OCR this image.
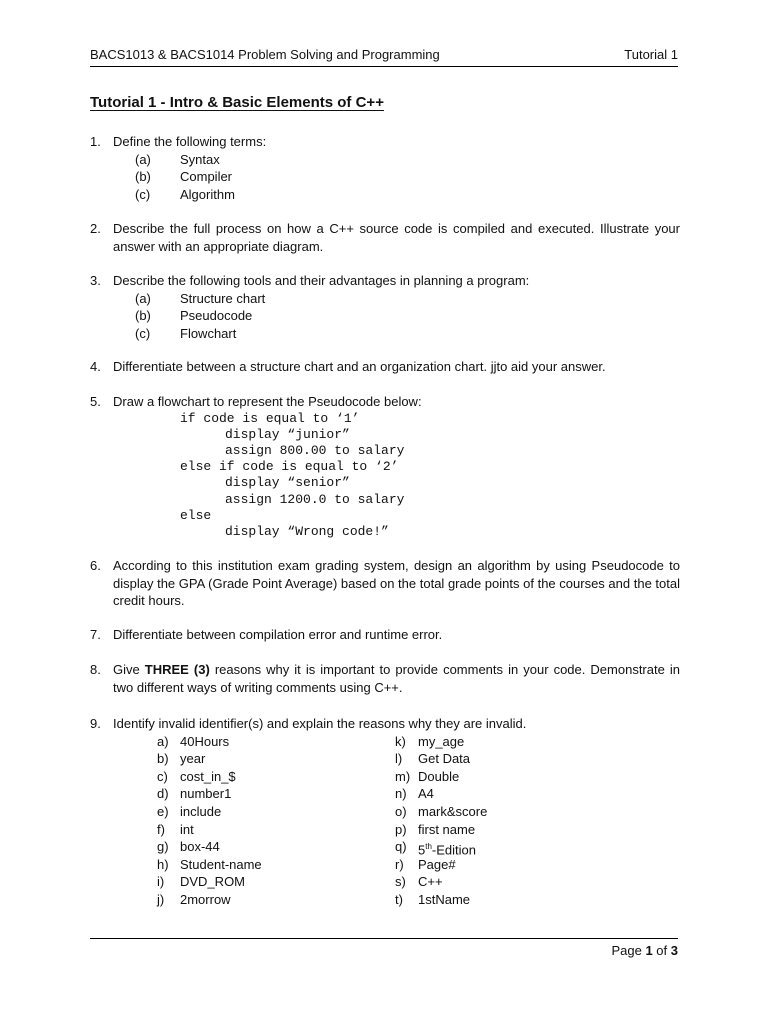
BACS1013 & BACS1014 Problem Solving and Programming	Tutorial 1
Tutorial 1 - Intro & Basic Elements of C++
1. Define the following terms:
(a) Syntax
(b) Compiler
(c) Algorithm
2. Describe the full process on how a C++ source code is compiled and executed. Illustrate your answer with an appropriate diagram.
3. Describe the following tools and their advantages in planning a program:
(a) Structure chart
(b) Pseudocode
(c) Flowchart
4. Differentiate between a structure chart and an organization chart. jjto aid your answer.
5. Draw a flowchart to represent the Pseudocode below:
if code is equal to ‘1’
display “junior”
assign 800.00 to salary
else if code is equal to ‘2’
display “senior”
assign 1200.0 to salary
else
display “Wrong code!”
6. According to this institution exam grading system, design an algorithm by using Pseudocode to display the GPA (Grade Point Average) based on the total grade points of the courses and the total credit hours.
7. Differentiate between compilation error and runtime error.
8. Give THREE (3) reasons why it is important to provide comments in your code. Demonstrate in two different ways of writing comments using C++.
9. Identify invalid identifier(s) and explain the reasons why they are invalid.
a) 40Hours
b) year
c) cost_in_$
d) number1
e) include
f) int
g) box-44
h) Student-name
i) DVD_ROM
j) 2morrow
k) my_age
l) Get Data
m) Double
n) A4
o) mark&score
p) first name
q) 5th-Edition
r) Page#
s) C++
t) 1stName
Page 1 of 3
